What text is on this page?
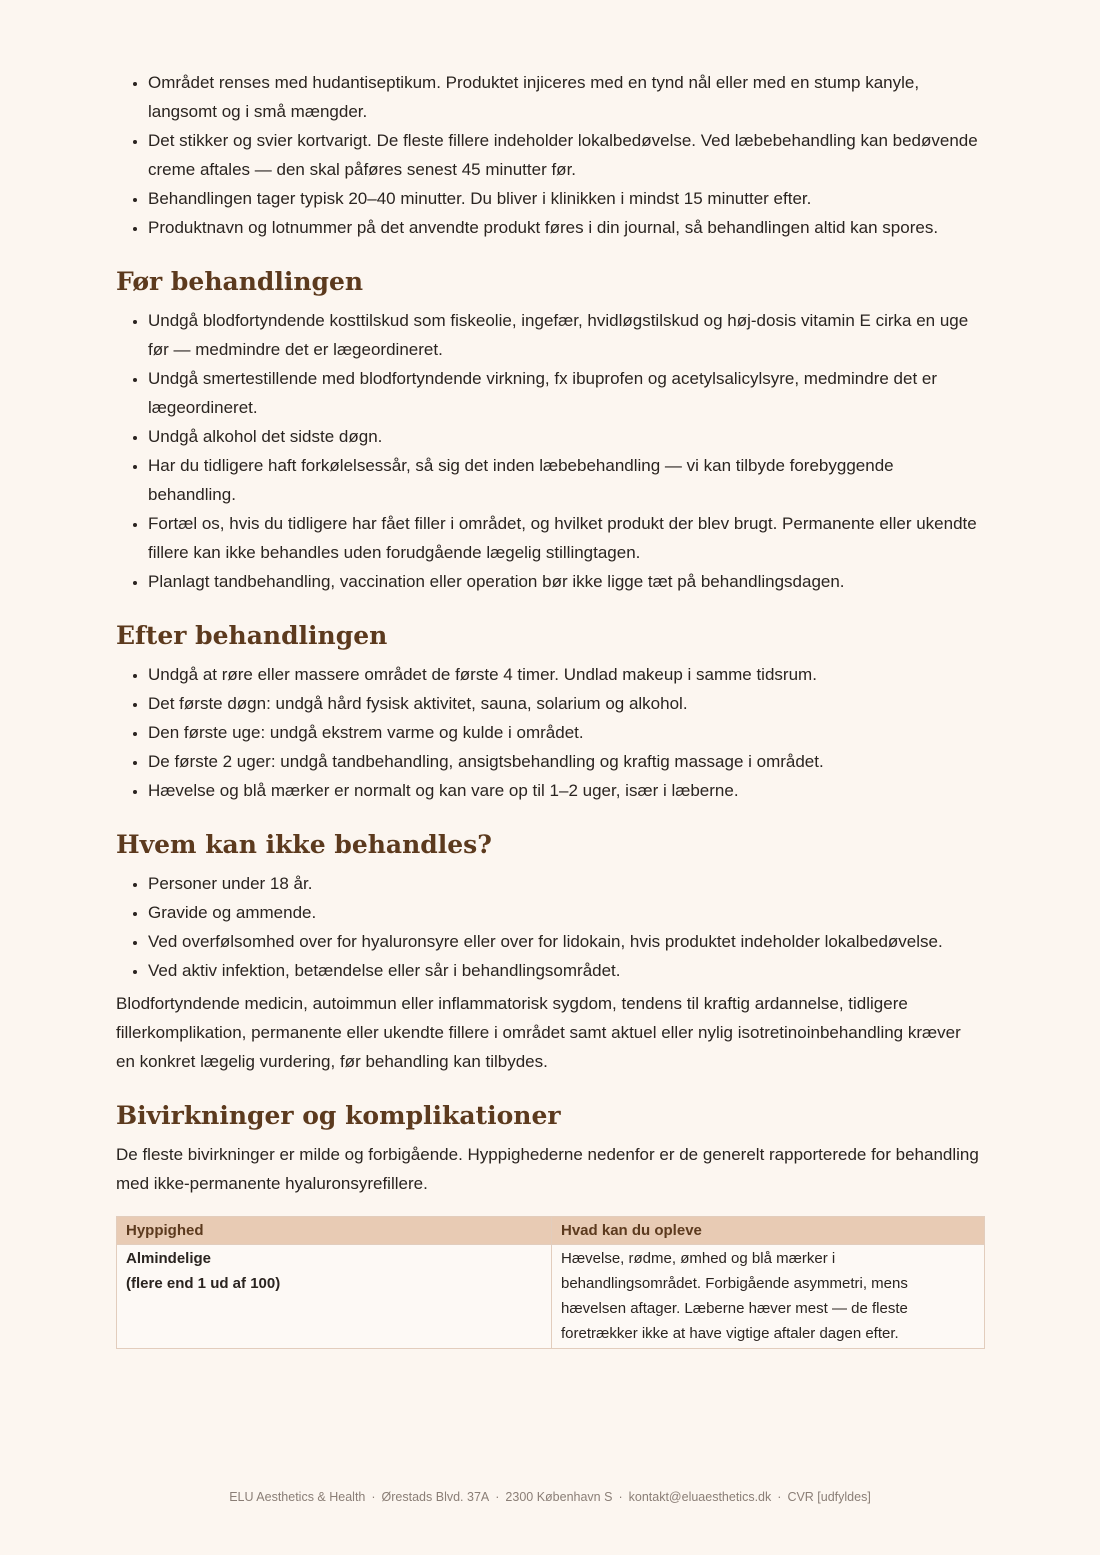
• Området renses med hudantiseptikum. Produktet injiceres med en tynd nål eller med en stump kanyle, langsomt og i små mængder.
• Det stikker og svier kortvarigt. De fleste fillere indeholder lokalbedøvelse. Ved læbebehandling kan bedøvende creme aftales — den skal påføres senest 45 minutter før.
• Behandlingen tager typisk 20–40 minutter. Du bliver i klinikken i mindst 15 minutter efter.
• Produktnavn og lotnummer på det anvendte produkt føres i din journal, så behandlingen altid kan spores.
Før behandlingen
• Undgå blodfortyndende kosttilskud som fiskeolie, ingefær, hvidløgstilskud og høj-dosis vitamin E cirka en uge før — medmindre det er lægeordineret.
• Undgå smertestillende med blodfortyndende virkning, fx ibuprofen og acetylsalicylsyre, medmindre det er lægeordineret.
• Undgå alkohol det sidste døgn.
• Har du tidligere haft forkølelsessår, så sig det inden læbebehandling — vi kan tilbyde forebyggende behandling.
• Fortæl os, hvis du tidligere har fået filler i området, og hvilket produkt der blev brugt. Permanente eller ukendte fillere kan ikke behandles uden forudgående lægelig stillingtagen.
• Planlagt tandbehandling, vaccination eller operation bør ikke ligge tæt på behandlingsdagen.
Efter behandlingen
• Undgå at røre eller massere området de første 4 timer. Undlad makeup i samme tidsrum.
• Det første døgn: undgå hård fysisk aktivitet, sauna, solarium og alkohol.
• Den første uge: undgå ekstrem varme og kulde i området.
• De første 2 uger: undgå tandbehandling, ansigtsbehandling og kraftig massage i området.
• Hævelse og blå mærker er normalt og kan vare op til 1–2 uger, især i læberne.
Hvem kan ikke behandles?
• Personer under 18 år.
• Gravide og ammende.
• Ved overfølsomhed over for hyaluronsyre eller over for lidokain, hvis produktet indeholder lokalbedøvelse.
• Ved aktiv infektion, betændelse eller sår i behandlingsområdet.

Blodfortyndende medicin, autoimmun eller inflammatorisk sygdom, tendens til kraftig ardannelse, tidligere fillerkomplikation, permanente eller ukendte fillere i området samt aktuel eller nylig isotretinoinbehandling kræver en konkret lægelig vurdering, før behandling kan tilbydes.

Bivirkninger og komplikationer

De fleste bivirkninger er milde og forbigående. Hyppighederne nedenfor er de generelt rapporterede for behandling med ikke-permanente hyaluronsyrefillere.

Hyppighed	Hvad kan du opleve

Almindelige
(flere end 1 ud af 100)	Hævelse, rødme, ømhed og blå mærker i behandlingsområdet. Forbigående asymmetri, mens hævelsen aftager. Læberne hæver mest — de fleste foretrækker ikke at have vigtige aftaler dagen efter.
ELU Aesthetics & Health · Ørestads Blvd. 37A · 2300 København S · kontakt@eluaesthetics.dk · CVR [udfyldes]
